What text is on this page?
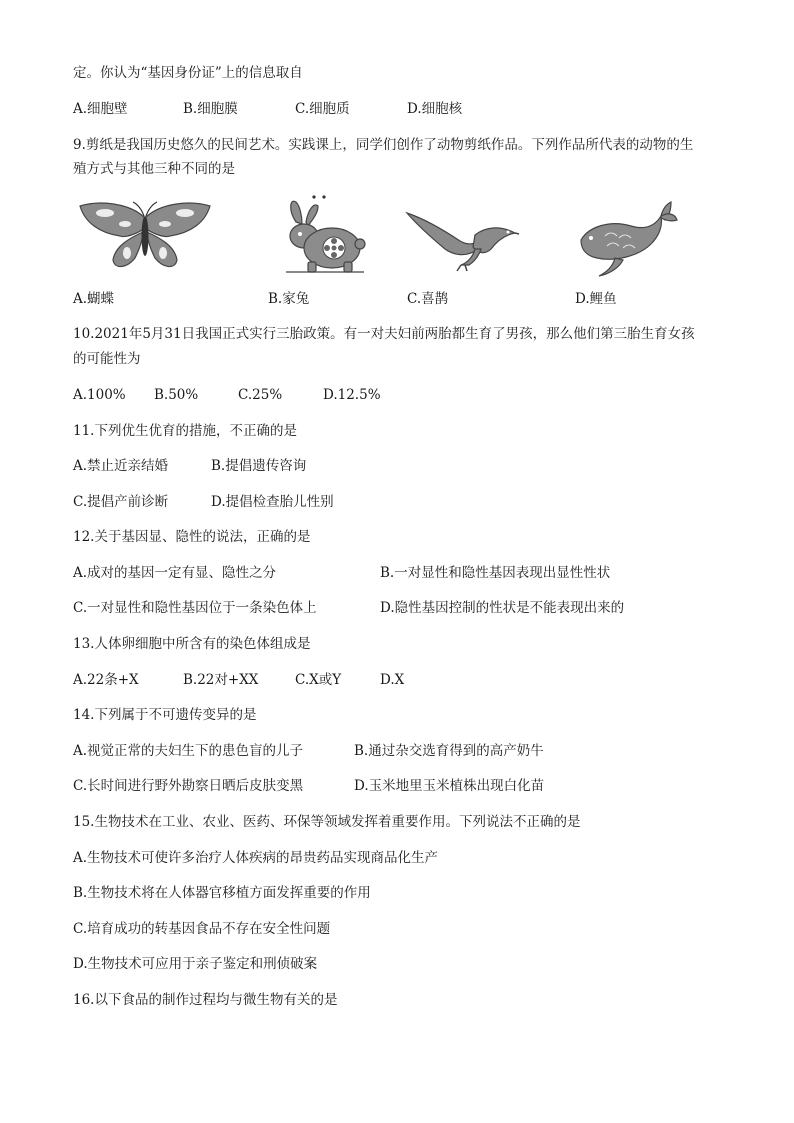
定。你认为“基因身份证”上的信息取自
A.细胞壁	B.细胞膜	C.细胞质	D.细胞核
9.剪纸是我国历史悠久的民间艺术。实践课上，同学们创作了动物剪纸作品。下列作品所代表的动物的生
殖方式与其他三种不同的是
A.蝴蝶	B.家兔	C.喜鹊	D.鲤鱼
10.2021年5月31日我国正式实行三胎政策。有一对夫妇前两胎都生育了男孩，那么他们第三胎生育女孩
的可能性为
A.100% B.50%	C.25%	D.12.5%
11.下列优生优育的措施，不正确的是
A.禁止近亲结婚	B.提倡遗传咨询
C.提倡产前诊断	D.提倡检查胎儿性别
12.关于基因显、隐性的说法，正确的是
A.成对的基因一定有显、隐性之分	B.一对显性和隐性基因表现出显性性状
C.一对显性和隐性基因位于一条染色体上	D.隐性基因控制的性状是不能表现出来的
13.人体卵细胞中所含有的染色体组成是
A.22条+X	B.22对+XX	C.X或Y	D.X
14.下列属于不可遗传变异的是
A.视觉正常的夫妇生下的患色盲的儿子	B.通过杂交选育得到的高产奶牛
C.长时间进行野外勘察日晒后皮肤变黑	D.玉米地里玉米植株出现白化苗
15.生物技术在工业、农业、医药、环保等领域发挥着重要作用。下列说法不正确的是
A.生物技术可使许多治疗人体疾病的昂贵药品实现商品化生产
B.生物技术将在人体器官移植方面发挥重要的作用
C.培育成功的转基因食品不存在安全性问题
D.生物技术可应用于亲子鉴定和刑侦破案
16.以下食品的制作过程均与微生物有关的是
